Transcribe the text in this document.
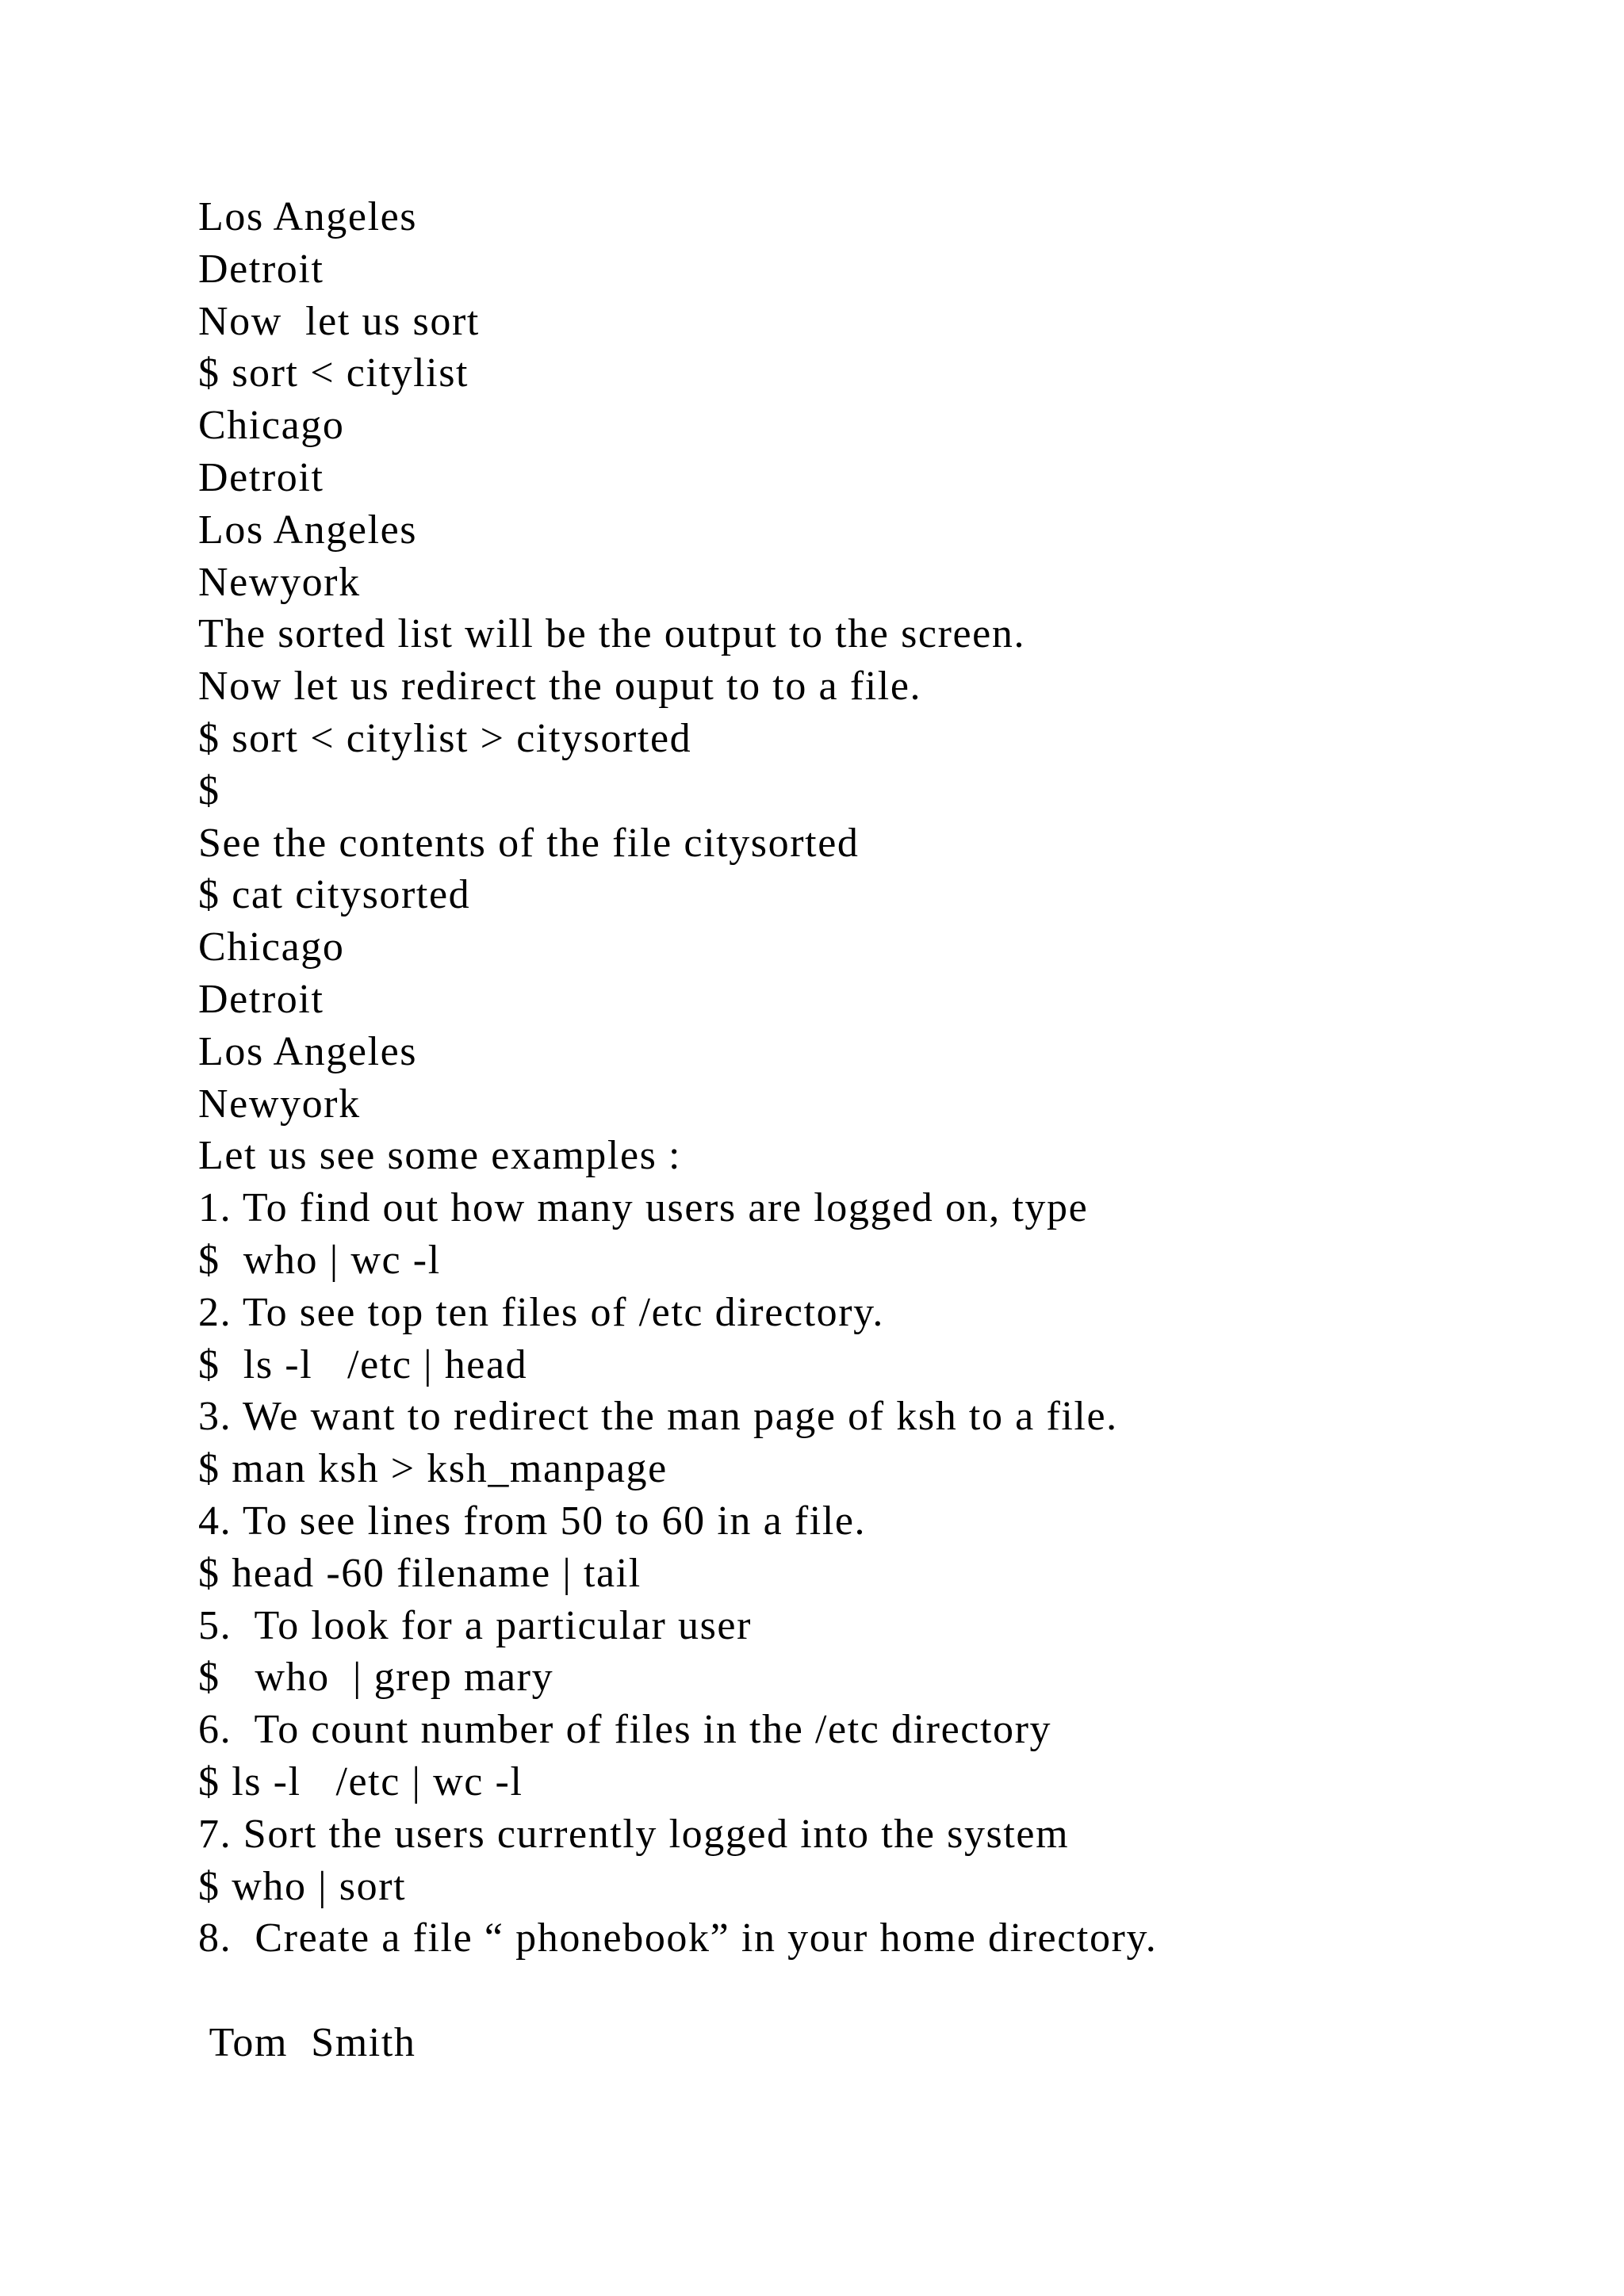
Los Angeles
Detroit
Now  let us sort
$ sort < citylist
Chicago
Detroit
Los Angeles
Newyork
The sorted list will be the output to the screen.
Now let us redirect the ouput to to a file.
$ sort < citylist > citysorted
$
See the contents of the file citysorted
$ cat citysorted
Chicago
Detroit
Los Angeles
Newyork
Let us see some examples :
1. To find out how many users are logged on, type
$  who | wc -l
2. To see top ten files of /etc directory.
$  ls -l   /etc | head
3. We want to redirect the man page of ksh to a file.
$ man ksh > ksh_manpage
4. To see lines from 50 to 60 in a file.
$ head -60 filename | tail
5.  To look for a particular user
$   who  | grep mary
6.  To count number of files in the /etc directory
$ ls -l   /etc | wc -l
7. Sort the users currently logged into the system
$ who | sort
8.  Create a file “ phonebook” in your home directory.
Tom  Smith
